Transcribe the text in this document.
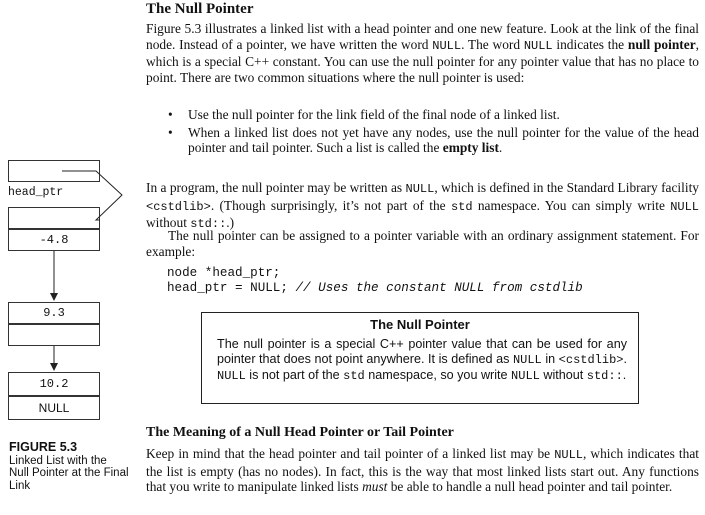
The Null Pointer

Figure 5.3 illustrates a linked list with a head pointer and one new feature. Look at the link of the final node. Instead of a pointer, we have written the word NULL. The word NULL indicates the null pointer, which is a special C++ constant. You can use the null pointer for any pointer value that has no place to point. There are two common situations where the null pointer is used:

• Use the null pointer for the link field of the final node of a linked list.
• When a linked list does not yet have any nodes, use the null pointer for the value of the head pointer and tail pointer. Such a list is called the empty list.

In a program, the null pointer may be written as NULL, which is defined in the Standard Library facility <cstdlib>. (Though surprisingly, it’s not part of the std namespace. You can simply write NULL without std::.)

The null pointer can be assigned to a pointer variable with an ordinary assignment statement. For example:

node *head_ptr;
head_ptr = NULL; // Uses the constant NULL from cstdlib
The Null Pointer

The null pointer is a special C++ pointer value that can be used for any pointer that does not point anywhere. It is defined as NULL in <cstdlib>. NULL is not part of the std namespace, so you write NULL without std::.

The Meaning of a Null Head Pointer or Tail Pointer

Keep in mind that the head pointer and tail pointer of a linked list may be NULL, which indicates that the list is empty (has no nodes). In fact, this is the way that most linked lists start out. Any functions that you write to manipulate linked lists must be able to handle a null head pointer and tail pointer.

head_ptr
-4.8
9.3
10.2
NULL

FIGURE 5.3
Linked List with the Null Pointer at the Final Link
